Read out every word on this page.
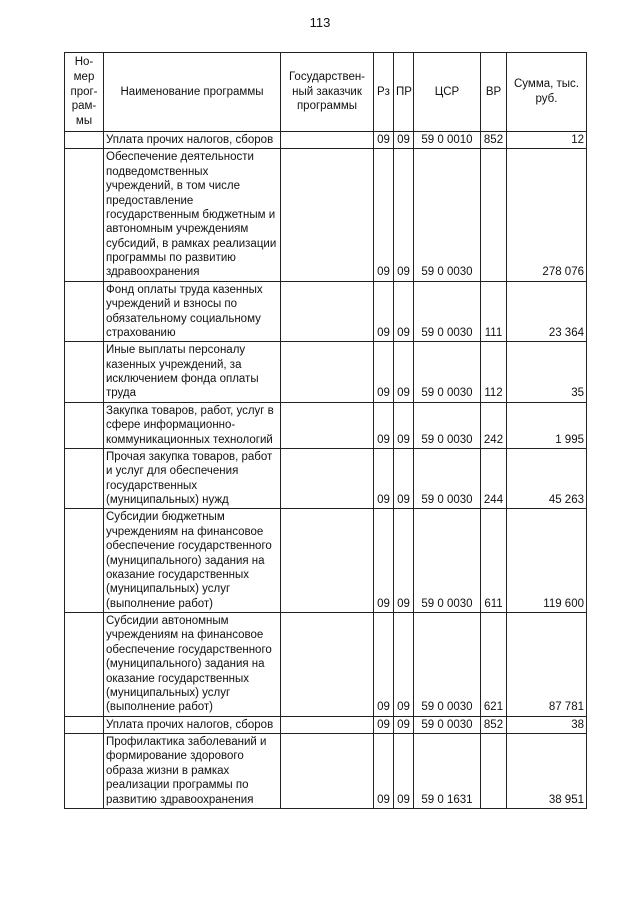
113
Но-мер прог-рам-мы	Наименование программы	Государствен-ный заказчик программы	Рз	ПР	ЦСР	ВР	Сумма, тыс. руб.
	Уплата прочих налогов, сборов		09	09	59 0 0010	852	12
	Обеспечение деятельности подведомственных учреждений, в том числе предоставление государственным бюджетным и автономным учреждениям субсидий, в рамках реализации программы по развитию здравоохранения		09	09	59 0 0030		278 076
	Фонд оплаты труда казенных учреждений и взносы по обязательному социальному страхованию		09	09	59 0 0030	111	23 364
	Иные выплаты персоналу казенных учреждений, за исключением фонда оплаты труда		09	09	59 0 0030	112	35
	Закупка товаров, работ, услуг в сфере информационно-коммуникационных технологий		09	09	59 0 0030	242	1 995
	Прочая закупка товаров, работ и услуг для обеспечения государственных (муниципальных) нужд		09	09	59 0 0030	244	45 263
	Субсидии бюджетным учреждениям на финансовое обеспечение государственного (муниципального) задания на оказание государственных (муниципальных) услуг (выполнение работ)		09	09	59 0 0030	611	119 600
	Субсидии автономным учреждениям на финансовое обеспечение государственного (муниципального) задания на оказание государственных (муниципальных) услуг (выполнение работ)		09	09	59 0 0030	621	87 781
	Уплата прочих налогов, сборов		09	09	59 0 0030	852	38
	Профилактика заболеваний и формирование здорового образа жизни в рамках реализации программы по развитию здравоохранения		09	09	59 0 1631		38 951
